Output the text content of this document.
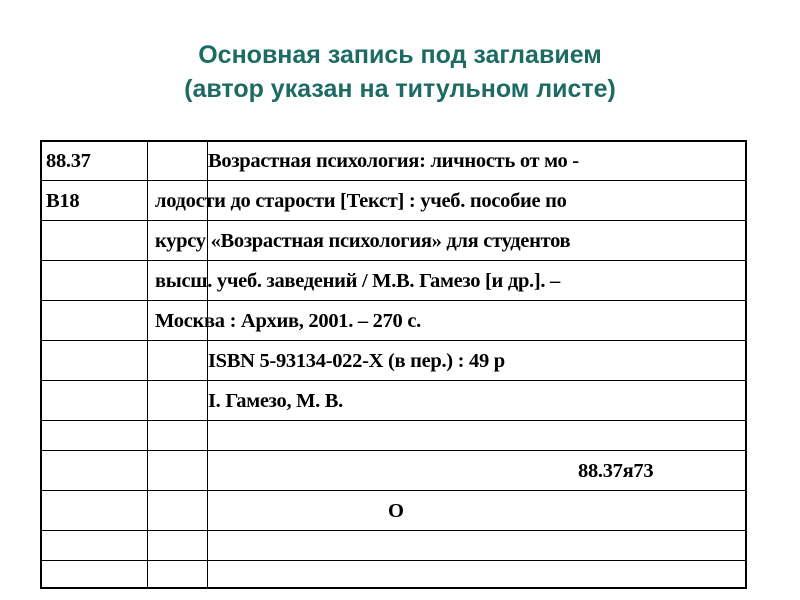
Основная запись под заглавием
(автор указан на титульном листе)
88.37
В18
Возрастная психология: личность от мо -
лодости до старости [Текст] : учеб. пособие по
курсу «Возрастная психология» для студентов
высш. учеб. заведений / М.В. Гамезо [и др.]. –
Москва : Архив, 2001. – 270 с.
ISBN 5-93134-022-X (в пер.) : 49 р
I. Гамезо, М. В.
88.37я73
О
